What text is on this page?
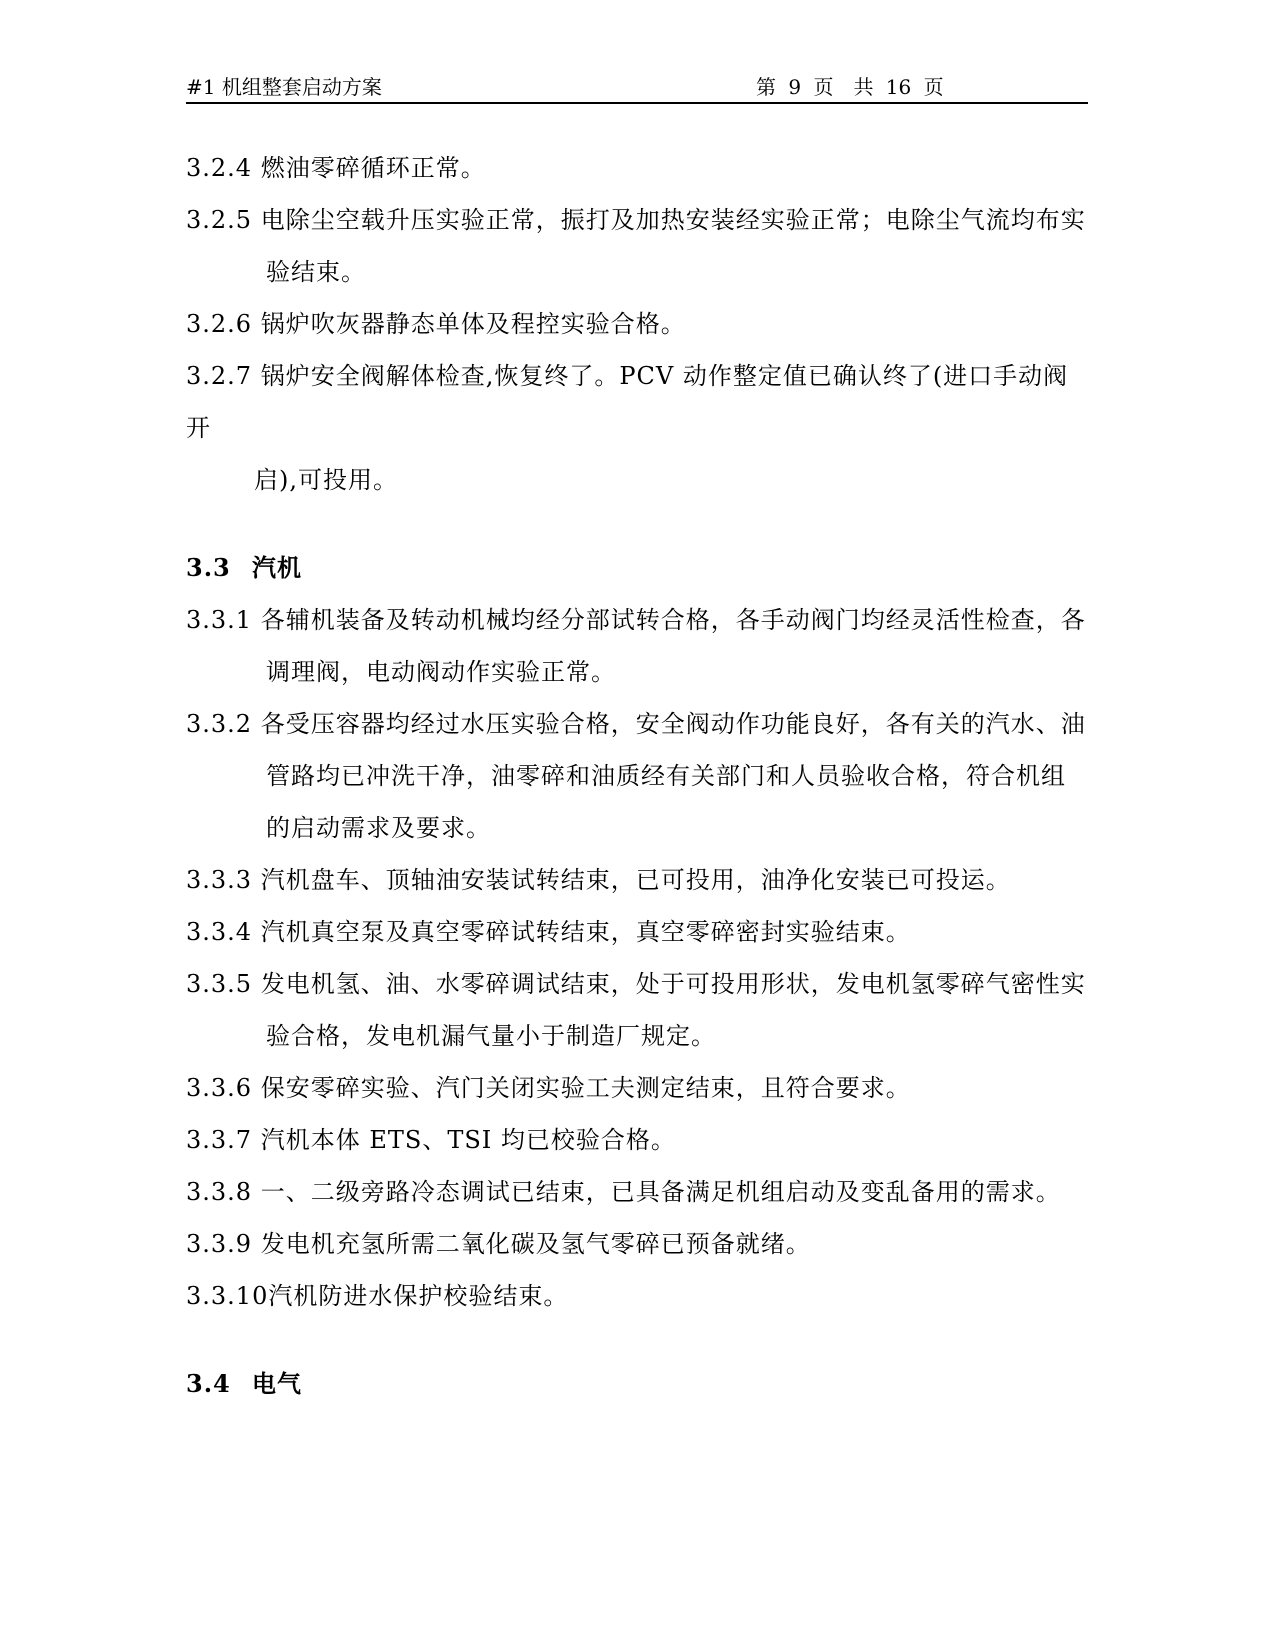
#1 机组整套启动方案	第 9 页　共 16 页

3.2.4 燃油零碎循环正常。

3.2.5 电除尘空载升压实验正常，振打及加热安装经实验正常；电除尘气流均布实验结束。

3.2.6 锅炉吹灰器静态单体及程控实验合格。

3.2.7 锅炉安全阀解体检查,恢复终了。PCV 动作整定值已确认终了(进口手动阀开

启),可投用。

3.3 汽机

3.3.1 各辅机装备及转动机械均经分部试转合格，各手动阀门均经灵活性检查，各调理阀，电动阀动作实验正常。

3.3.2 各受压容器均经过水压实验合格，安全阀动作功能良好，各有关的汽水、油管路均已冲洗干净，油零碎和油质经有关部门和人员验收合格，符合机组的启动需求及要求。

3.3.3 汽机盘车、顶轴油安装试转结束，已可投用，油净化安装已可投运。

3.3.4 汽机真空泵及真空零碎试转结束，真空零碎密封实验结束。

3.3.5 发电机氢、油、水零碎调试结束，处于可投用形状，发电机氢零碎气密性实验合格，发电机漏气量小于制造厂规定。

3.3.6 保安零碎实验、汽门关闭实验工夫测定结束，且符合要求。

3.3.7 汽机本体 ETS、TSI 均已校验合格。

3.3.8 一、二级旁路冷态调试已结束，已具备满足机组启动及变乱备用的需求。

3.3.9 发电机充氢所需二氧化碳及氢气零碎已预备就绪。

3.3.10汽机防进水保护校验结束。

3.4 电气
